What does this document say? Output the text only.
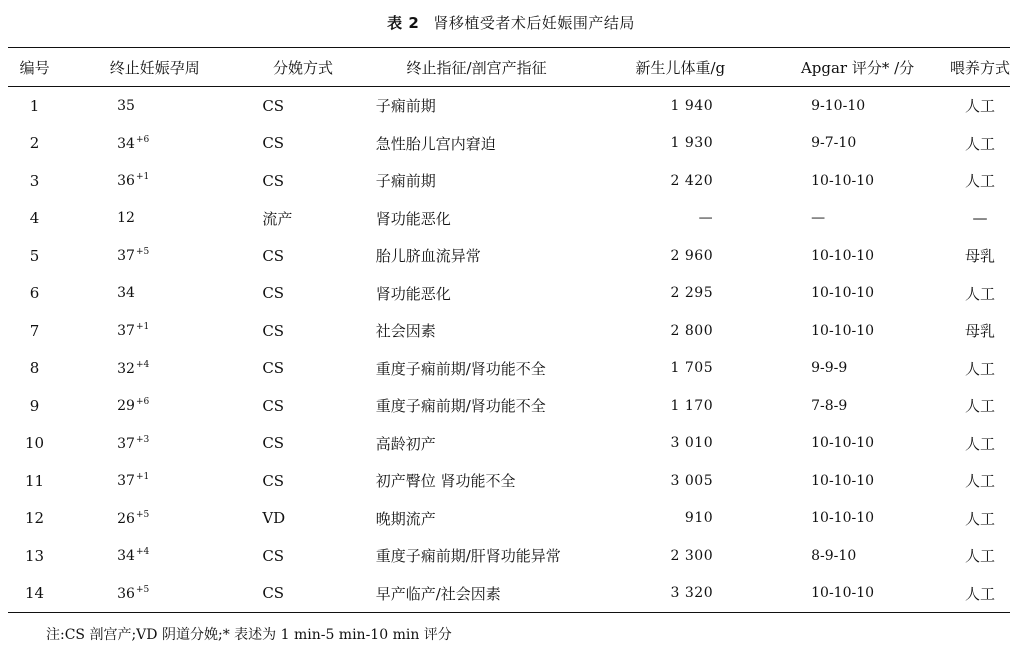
表 2 肾移植受者术后妊娠围产结局
编号	终止妊娠孕周	分娩方式	终止指征/剖宫产指征	新生儿体重/g	Apgar 评分* /分	喂养方式
1	35	CS	子痫前期	1 940	9-10-10	人工
2	$34^{+6}$	CS	急性胎儿宫内窘迫	1 930	9-7-10	人工
3	$36^{+1}$	CS	子痫前期	2 420	10-10-10	人工
4	12	流产	肾功能恶化	—	—	—
5	$37^{+5}$	CS	胎儿脐血流异常	2 960	10-10-10	母乳
6	34	CS	肾功能恶化	2 295	10-10-10	人工
7	$37^{+1}$	CS	社会因素	2 800	10-10-10	母乳
8	$32^{+4}$	CS	重度子痫前期/肾功能不全	1 705	9-9-9	人工
9	$29^{+6}$	CS	重度子痫前期/肾功能不全	1 170	7-8-9	人工
10	$37^{+3}$	CS	高龄初产	3 010	10-10-10	人工
11	$37^{+1}$	CS	初产臀位 肾功能不全	3 005	10-10-10	人工
12	$26^{+5}$	VD	晚期流产	910	10-10-10	人工
13	$34^{+4}$	CS	重度子痫前期/肝肾功能异常	2 300	8-9-10	人工
14	$36^{+5}$	CS	早产临产/社会因素	3 320	10-10-10	人工
注:CS 剖宫产;VD 阴道分娩;* 表述为 1 min-5 min-10 min 评分
